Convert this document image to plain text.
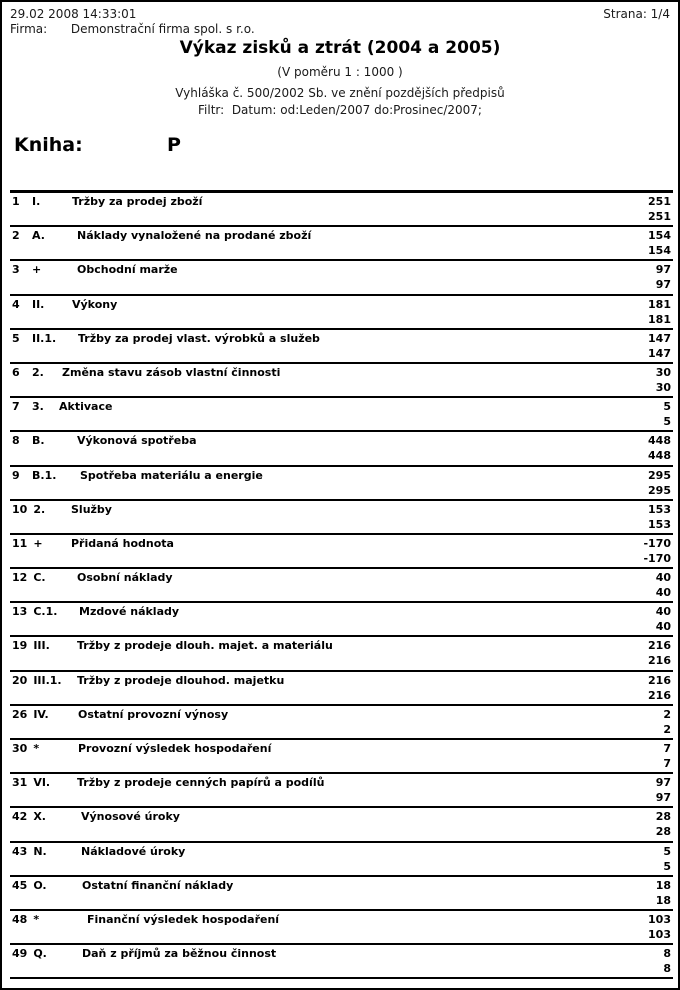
29.02 2008 14:33:01	Strana: 1/4
Firma: Demonstrační firma spol. s r.o.
Výkaz zisků a ztrát (2004 a 2005)
(V poměru 1 : 1000 )
Vyhláška č. 500/2002 Sb. ve znění pozdějších předpisů
Filtr:  Datum: od:Leden/2007 do:Prosinec/2007;
Kniha:	P
1 I.	Tržby za prodej zboží	251
251
2 A.	Náklady vynaložené na prodané zboží	154
154
3 +	Obchodní marže	97
97
4 II.	Výkony	181
181
5 II.1. Tržby za prodej vlast. výrobků a služeb	147
147
6 2. Změna stavu zásob vlastní činnosti	30
30
7 3. Aktivace	5
5
8 B.	Výkonová spotřeba	448
448
9 B.1. Spotřeba materiálu a energie	295
295
10 2. Služby	153
153
11 +	Přidaná hodnota	-170
-170
12 C.	Osobní náklady	40
40
13 C.1. Mzdové náklady	40
40
19 III. Tržby z prodeje dlouh. majet. a materiálu	216
216
20 III.1. Tržby z prodeje dlouhod. majetku	216
216
26 IV.	Ostatní provozní výnosy	2
2
30 *	Provozní výsledek hospodaření	7
7
31 VI. Tržby z prodeje cenných papírů a podílů	97
97
42 X.	Výnosové úroky	28
28
43 N.	Nákladové úroky	5
5
45 O.	Ostatní finanční náklady	18
18
48 *	Finanční výsledek hospodaření	103
103
49 Q.	Daň z příjmů za běžnou činnost	8
8
